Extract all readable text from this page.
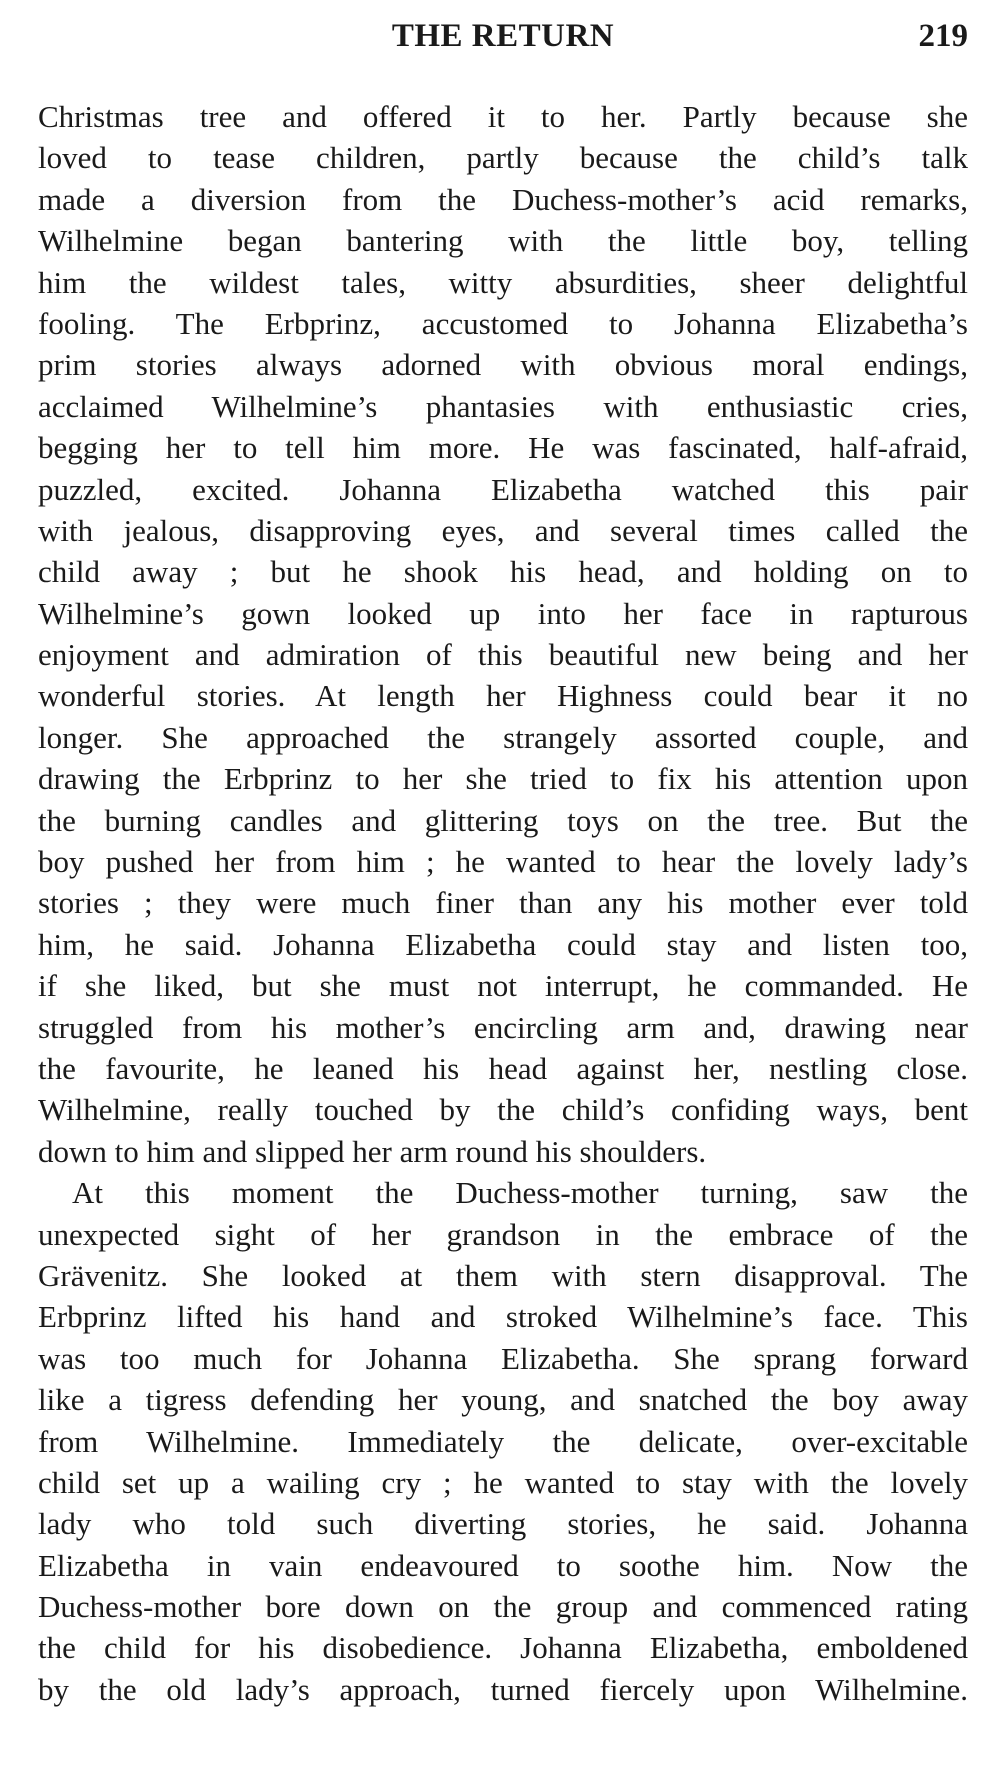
THE RETURN	219
Christmas tree and offered it to her. Partly because she
loved to tease children, partly because the child’s talk
made a diversion from the Duchess-mother’s acid remarks,
Wilhelmine began bantering with the little boy, telling
him the wildest tales, witty absurdities, sheer delightful
fooling. The Erbprinz, accustomed to Johanna Elizabetha’s
prim stories always adorned with obvious moral endings,
acclaimed Wilhelmine’s phantasies with enthusiastic cries,
begging her to tell him more. He was fascinated, half-afraid,
puzzled, excited. Johanna Elizabetha watched this pair
with jealous, disapproving eyes, and several times called the
child away ; but he shook his head, and holding on to
Wilhelmine’s gown looked up into her face in rapturous
enjoyment and admiration of this beautiful new being and her
wonderful stories. At length her Highness could bear it no
longer. She approached the strangely assorted couple, and
drawing the Erbprinz to her she tried to fix his attention upon
the burning candles and glittering toys on the tree. But the
boy pushed her from him ; he wanted to hear the lovely lady’s
stories ; they were much finer than any his mother ever told
him, he said. Johanna Elizabetha could stay and listen too,
if she liked, but she must not interrupt, he commanded. He
struggled from his mother’s encircling arm and, drawing near
the favourite, he leaned his head against her, nestling close.
Wilhelmine, really touched by the child’s confiding ways, bent
down to him and slipped her arm round his shoulders.
At this moment the Duchess-mother turning, saw the
unexpected sight of her grandson in the embrace of the
Grävenitz. She looked at them with stern disapproval. The
Erbprinz lifted his hand and stroked Wilhelmine’s face. This
was too much for Johanna Elizabetha. She sprang forward
like a tigress defending her young, and snatched the boy away
from Wilhelmine. Immediately the delicate, over-excitable
child set up a wailing cry ; he wanted to stay with the lovely
lady who told such diverting stories, he said. Johanna
Elizabetha in vain endeavoured to soothe him. Now the
Duchess-mother bore down on the group and commenced rating
the child for his disobedience. Johanna Elizabetha, emboldened
by the old lady’s approach, turned fiercely upon Wilhelmine.
